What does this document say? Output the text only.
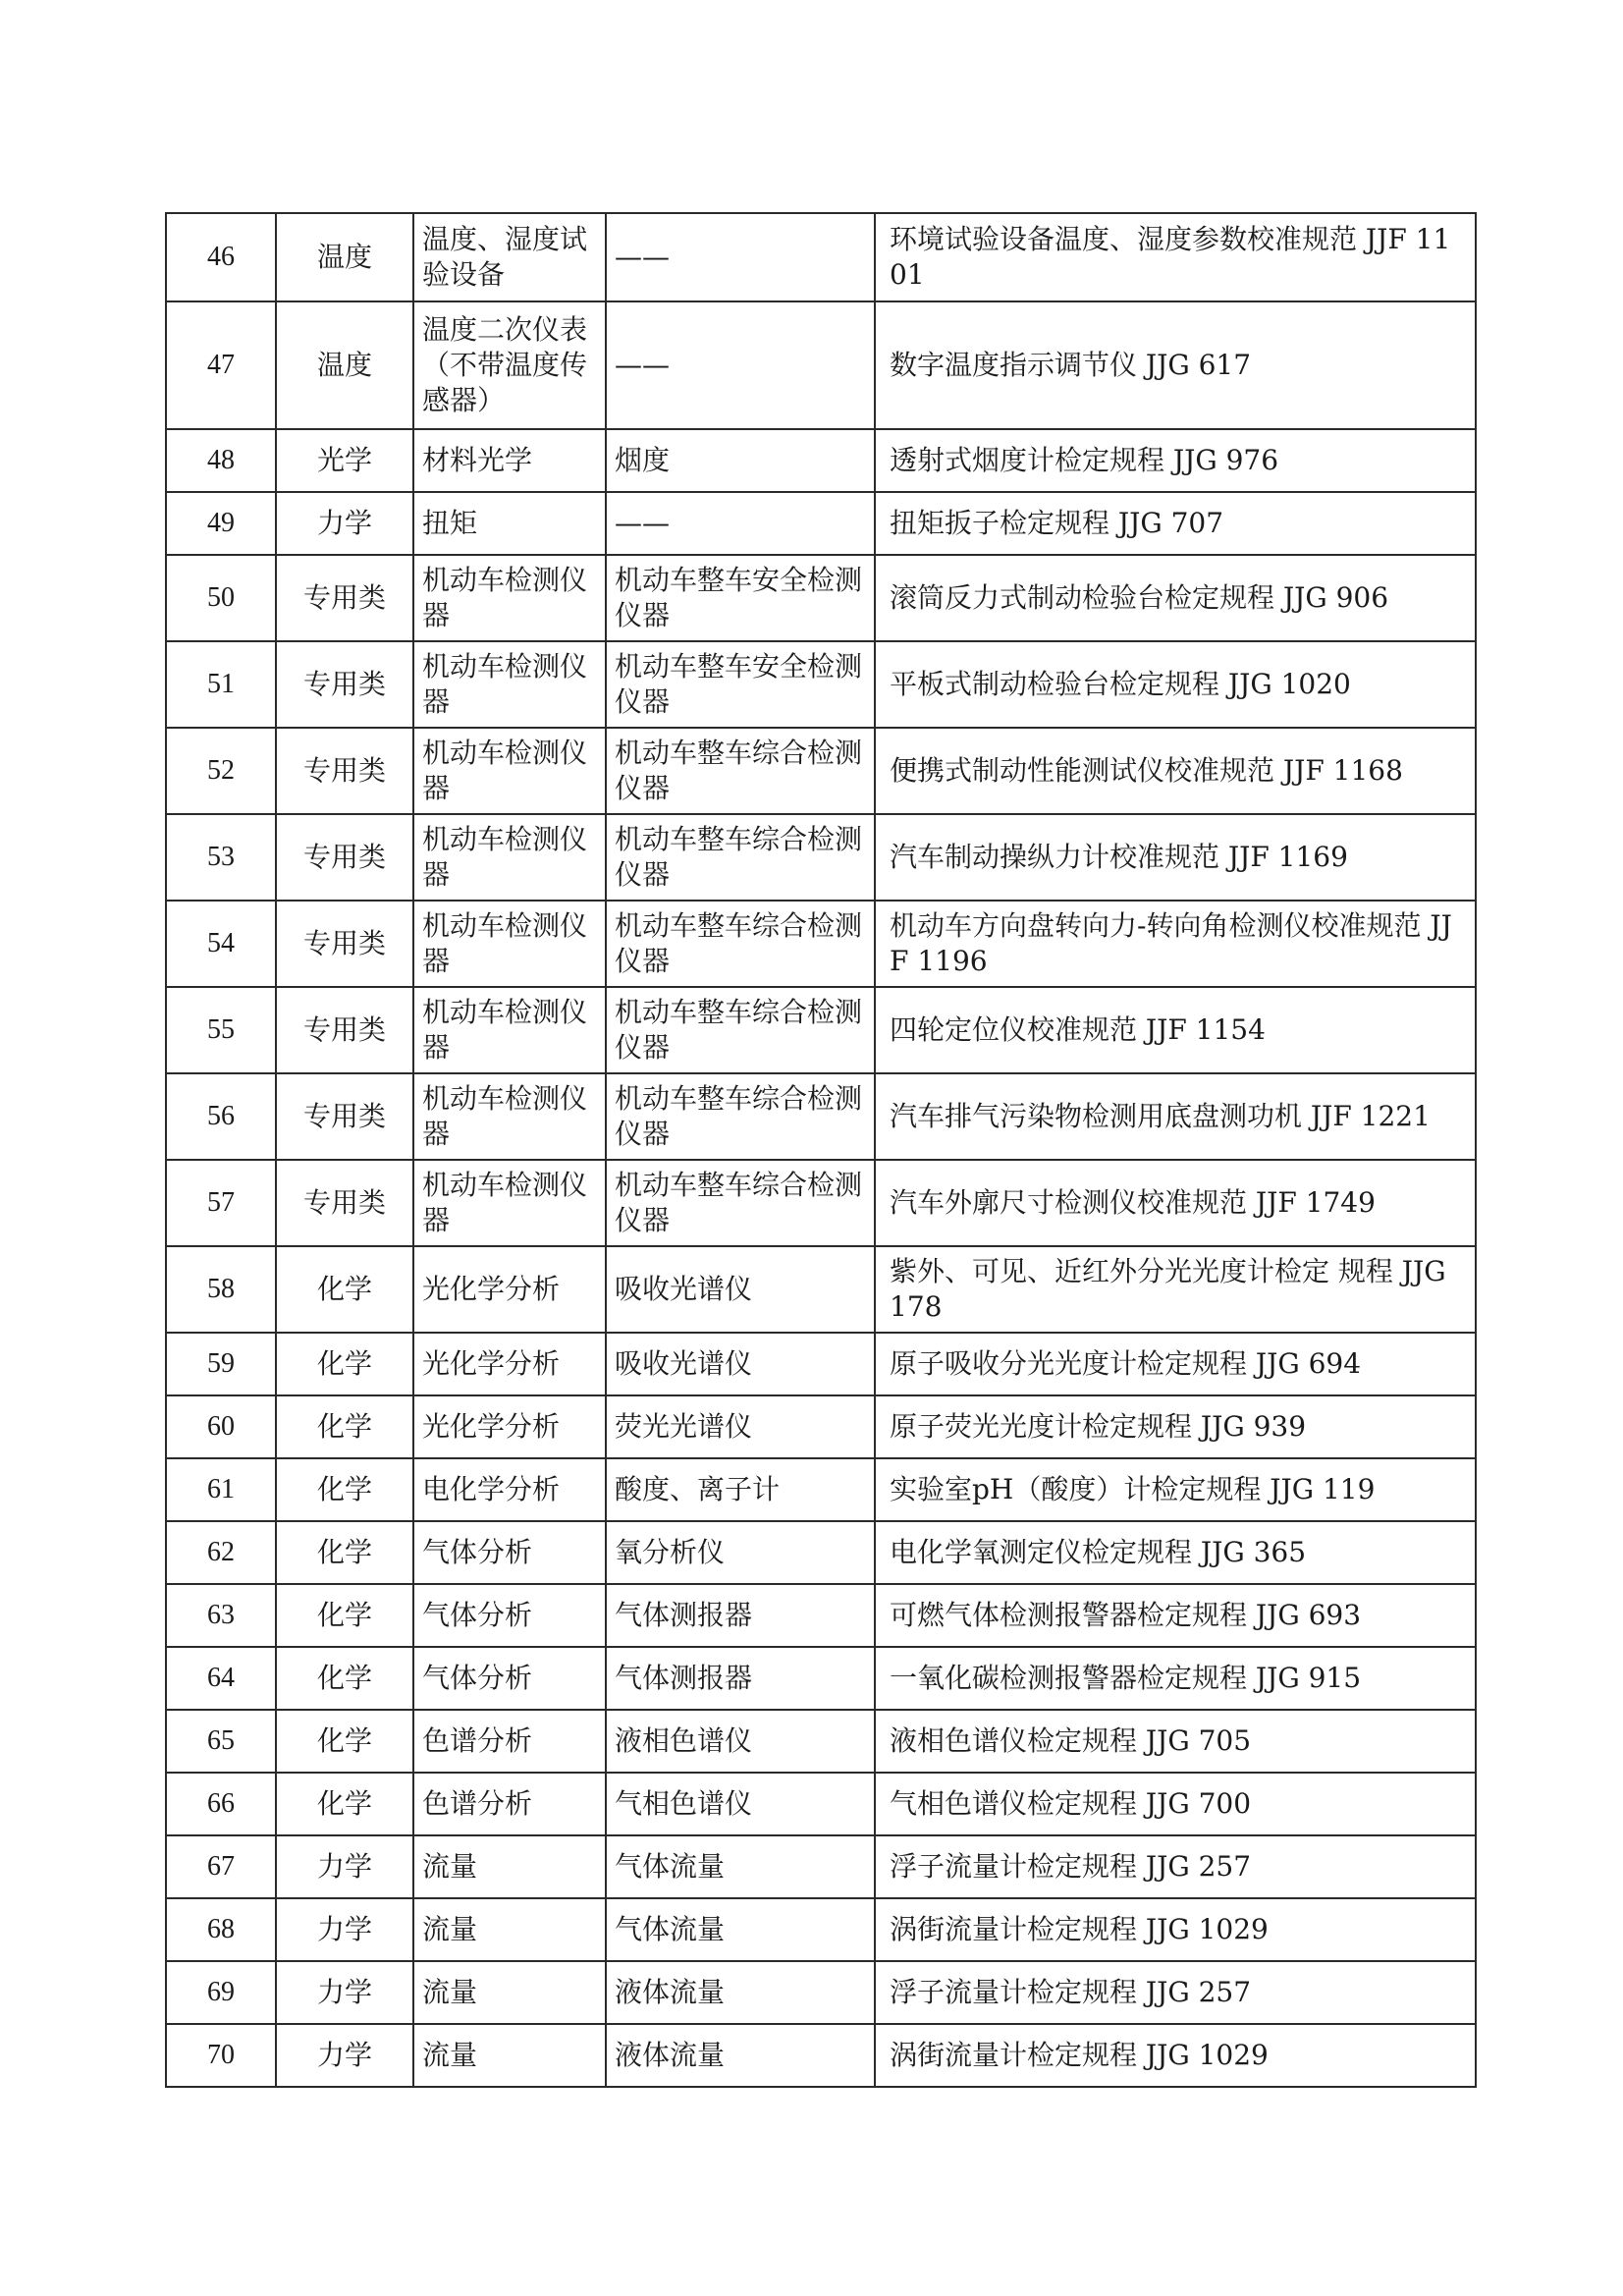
46	温度	温度、湿度试验设备	——	环境试验设备温度、湿度参数校准规范 JJF 1101
47	温度	温度二次仪表（不带温度传感器）	——	数字温度指示调节仪 JJG 617
48	光学	材料光学	烟度	透射式烟度计检定规程 JJG 976
49	力学	扭矩	——	扭矩扳子检定规程 JJG 707
50	专用类	机动车检测仪器	机动车整车安全检测仪器	滚筒反力式制动检验台检定规程 JJG 906
51	专用类	机动车检测仪器	机动车整车安全检测仪器	平板式制动检验台检定规程 JJG 1020
52	专用类	机动车检测仪器	机动车整车综合检测仪器	便携式制动性能测试仪校准规范 JJF 1168
53	专用类	机动车检测仪器	机动车整车综合检测仪器	汽车制动操纵力计校准规范 JJF 1169
54	专用类	机动车检测仪器	机动车整车综合检测仪器	机动车方向盘转向力-转向角检测仪校准规范 JJF 1196
55	专用类	机动车检测仪器	机动车整车综合检测仪器	四轮定位仪校准规范 JJF 1154
56	专用类	机动车检测仪器	机动车整车综合检测仪器	汽车排气污染物检测用底盘测功机 JJF 1221
57	专用类	机动车检测仪器	机动车整车综合检测仪器	汽车外廓尺寸检测仪校准规范 JJF 1749
58	化学	光化学分析	吸收光谱仪	紫外、可见、近红外分光光度计检定 规程 JJG 178
59	化学	光化学分析	吸收光谱仪	原子吸收分光光度计检定规程 JJG 694
60	化学	光化学分析	荧光光谱仪	原子荧光光度计检定规程 JJG 939
61	化学	电化学分析	酸度、离子计	实验室pH（酸度）计检定规程 JJG 119
62	化学	气体分析	氧分析仪	电化学氧测定仪检定规程 JJG 365
63	化学	气体分析	气体测报器	可燃气体检测报警器检定规程 JJG 693
64	化学	气体分析	气体测报器	一氧化碳检测报警器检定规程 JJG 915
65	化学	色谱分析	液相色谱仪	液相色谱仪检定规程 JJG 705
66	化学	色谱分析	气相色谱仪	气相色谱仪检定规程 JJG 700
67	力学	流量	气体流量	浮子流量计检定规程 JJG 257
68	力学	流量	气体流量	涡街流量计检定规程 JJG 1029
69	力学	流量	液体流量	浮子流量计检定规程 JJG 257
70	力学	流量	液体流量	涡街流量计检定规程 JJG 1029
